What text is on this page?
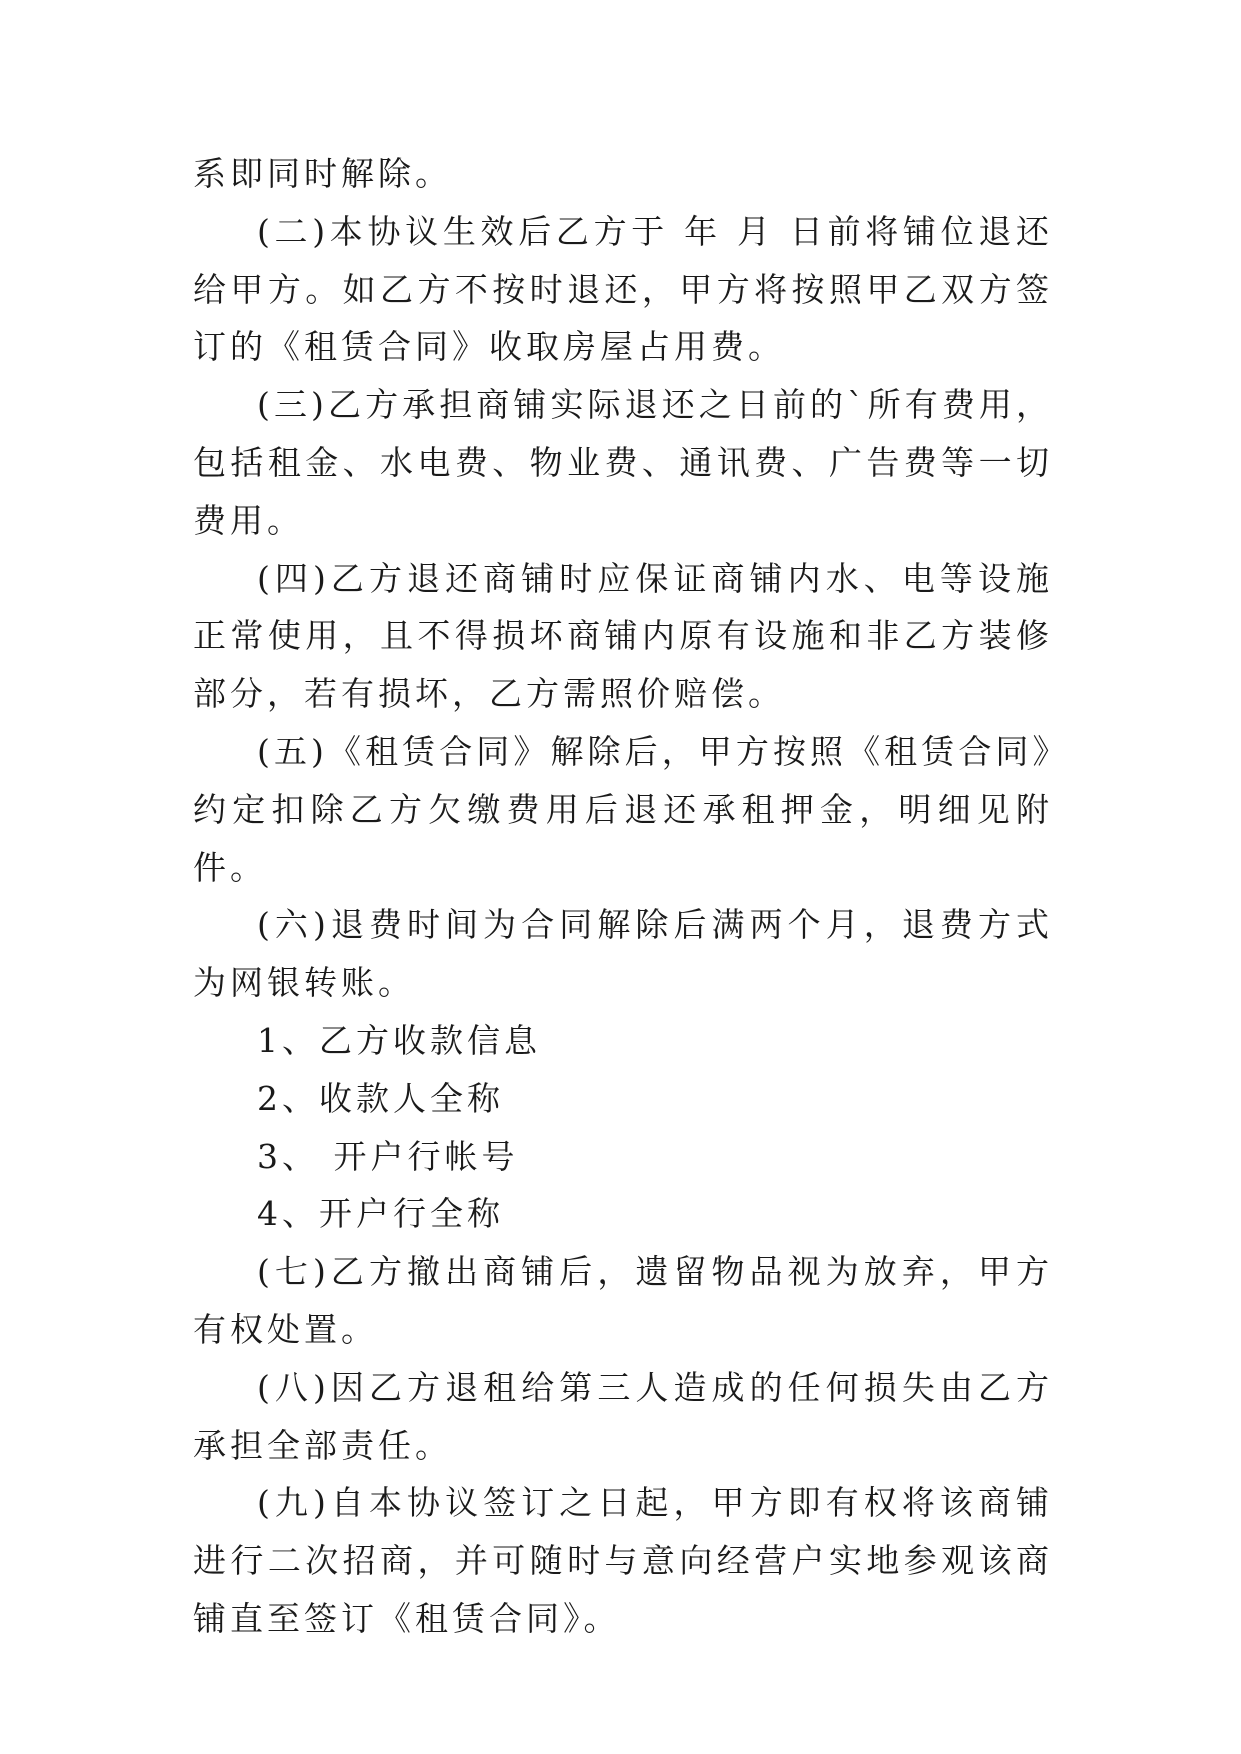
系即同时解除。

(二)本协议生效后乙方于 年 月 日前将铺位退还给甲方。如乙方不按时退还，甲方将按照甲乙双方签订的《租赁合同》收取房屋占用费。

(三)乙方承担商铺实际退还之日前的`所有费用，包括租金、水电费、物业费、通讯费、广告费等一切费用。

(四)乙方退还商铺时应保证商铺内水、电等设施正常使用，且不得损坏商铺内原有设施和非乙方装修部分，若有损坏，乙方需照价赔偿。

(五)《租赁合同》解除后，甲方按照《租赁合同》约定扣除乙方欠缴费用后退还承租押金，明细见附件。

(六)退费时间为合同解除后满两个月，退费方式为网银转账。

1、乙方收款信息

2、收款人全称

3、 开户行帐号

4、开户行全称

(七)乙方撤出商铺后，遗留物品视为放弃，甲方有权处置。

(八)因乙方退租给第三人造成的任何损失由乙方承担全部责任。

(九)自本协议签订之日起，甲方即有权将该商铺进行二次招商，并可随时与意向经营户实地参观该商铺直至签订《租赁合同》。
